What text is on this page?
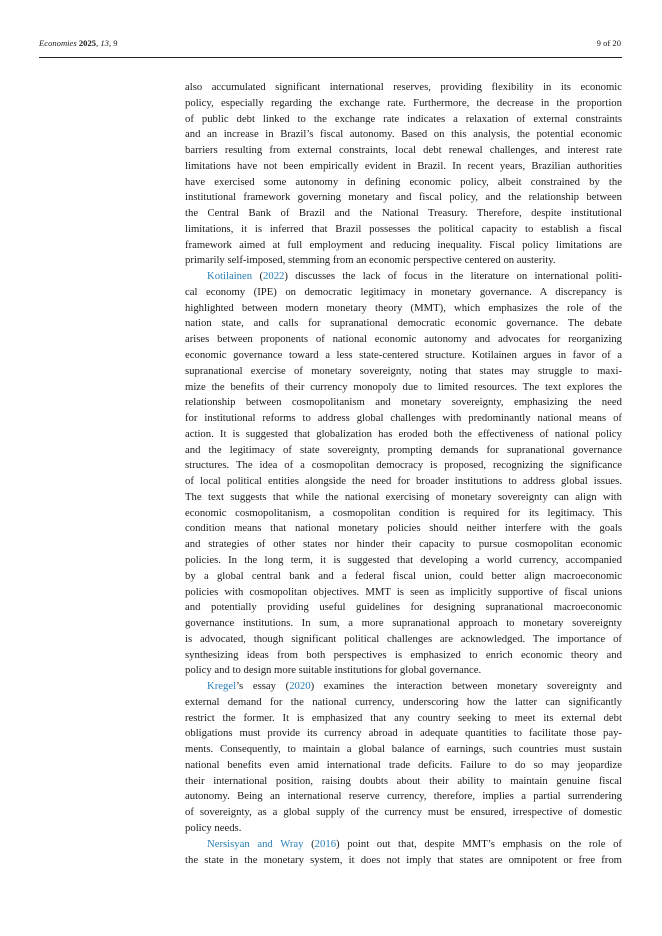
Economies 2025, 13, 9	9 of 20
also accumulated significant international reserves, providing flexibility in its economic
policy, especially regarding the exchange rate. Furthermore, the decrease in the proportion
of public debt linked to the exchange rate indicates a relaxation of external constraints
and an increase in Brazil’s fiscal autonomy. Based on this analysis, the potential economic
barriers resulting from external constraints, local debt renewal challenges, and interest rate
limitations have not been empirically evident in Brazil. In recent years, Brazilian authorities
have exercised some autonomy in defining economic policy, albeit constrained by the
institutional framework governing monetary and fiscal policy, and the relationship between
the Central Bank of Brazil and the National Treasury. Therefore, despite institutional
limitations, it is inferred that Brazil possesses the political capacity to establish a fiscal
framework aimed at full employment and reducing inequality. Fiscal policy limitations are
primarily self-imposed, stemming from an economic perspective centered on austerity.
Kotilainen (2022) discusses the lack of focus in the literature on international politi-
cal economy (IPE) on democratic legitimacy in monetary governance. A discrepancy is
highlighted between modern monetary theory (MMT), which emphasizes the role of the
nation state, and calls for supranational democratic economic governance. The debate
arises between proponents of national economic autonomy and advocates for reorganizing
economic governance toward a less state-centered structure. Kotilainen argues in favor of a
supranational exercise of monetary sovereignty, noting that states may struggle to maxi-
mize the benefits of their currency monopoly due to limited resources. The text explores the
relationship between cosmopolitanism and monetary sovereignty, emphasizing the need
for institutional reforms to address global challenges with predominantly national means of
action. It is suggested that globalization has eroded both the effectiveness of national policy
and the legitimacy of state sovereignty, prompting demands for supranational governance
structures. The idea of a cosmopolitan democracy is proposed, recognizing the significance
of local political entities alongside the need for broader institutions to address global issues.
The text suggests that while the national exercising of monetary sovereignty can align with
economic cosmopolitanism, a cosmopolitan condition is required for its legitimacy. This
condition means that national monetary policies should neither interfere with the goals
and strategies of other states nor hinder their capacity to pursue cosmopolitan economic
policies. In the long term, it is suggested that developing a world currency, accompanied
by a global central bank and a federal fiscal union, could better align macroeconomic
policies with cosmopolitan objectives. MMT is seen as implicitly supportive of fiscal unions
and potentially providing useful guidelines for designing supranational macroeconomic
governance institutions. In sum, a more supranational approach to monetary sovereignty
is advocated, though significant political challenges are acknowledged. The importance of
synthesizing ideas from both perspectives is emphasized to enrich economic theory and
policy and to design more suitable institutions for global governance.
Kregel’s essay (2020) examines the interaction between monetary sovereignty and
external demand for the national currency, underscoring how the latter can significantly
restrict the former. It is emphasized that any country seeking to meet its external debt
obligations must provide its currency abroad in adequate quantities to facilitate those pay-
ments. Consequently, to maintain a global balance of earnings, such countries must sustain
national benefits even amid international trade deficits. Failure to do so may jeopardize
their international position, raising doubts about their ability to maintain genuine fiscal
autonomy. Being an international reserve currency, therefore, implies a partial surrendering
of sovereignty, as a global supply of the currency must be ensured, irrespective of domestic
policy needs.
Nersisyan and Wray (2016) point out that, despite MMT’s emphasis on the role of
the state in the monetary system, it does not imply that states are omnipotent or free from
